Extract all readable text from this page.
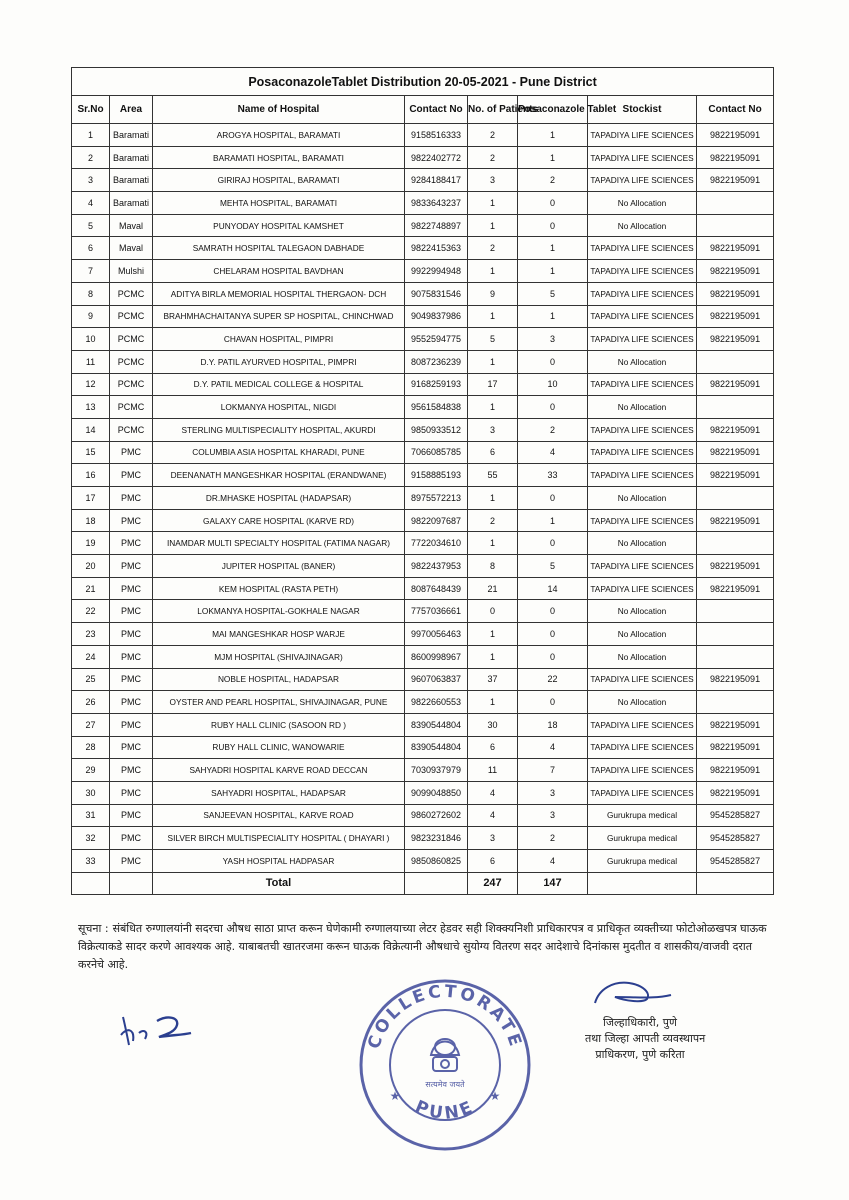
PosaconazoleTablet Distribution 20-05-2021 - Pune District							
Sr.No	Area	Name of Hospital	Contact No	No. of Patients	Posaconazole Tablet	Stockist	Contact No
1	Baramati	AROGYA HOSPITAL, BARAMATI	9158516333	2	1	TAPADIYA LIFE SCIENCES	9822195091
2	Baramati	BARAMATI HOSPITAL, BARAMATI	9822402772	2	1	TAPADIYA LIFE SCIENCES	9822195091
3	Baramati	GIRIRAJ HOSPITAL, BARAMATI	9284188417	3	2	TAPADIYA LIFE SCIENCES	9822195091
4	Baramati	MEHTA HOSPITAL, BARAMATI	9833643237	1	0	No Allocation	
5	Maval	PUNYODAY HOSPITAL KAMSHET	9822748897	1	0	No Allocation	
6	Maval	SAMRATH HOSPITAL TALEGAON DABHADE	9822415363	2	1	TAPADIYA LIFE SCIENCES	9822195091
7	Mulshi	CHELARAM HOSPITAL BAVDHAN	9922994948	1	1	TAPADIYA LIFE SCIENCES	9822195091
8	PCMC	ADITYA BIRLA MEMORIAL HOSPITAL THERGAON- DCH	9075831546	9	5	TAPADIYA LIFE SCIENCES	9822195091
9	PCMC	BRAHMHACHAITANYA SUPER SP HOSPITAL, CHINCHWAD	9049837986	1	1	TAPADIYA LIFE SCIENCES	9822195091
10	PCMC	CHAVAN HOSPITAL, PIMPRI	9552594775	5	3	TAPADIYA LIFE SCIENCES	9822195091
11	PCMC	D.Y. PATIL AYURVED HOSPITAL, PIMPRI	8087236239	1	0	No Allocation	
12	PCMC	D.Y. PATIL MEDICAL COLLEGE & HOSPITAL	9168259193	17	10	TAPADIYA LIFE SCIENCES	9822195091
13	PCMC	LOKMANYA HOSPITAL, NIGDI	9561584838	1	0	No Allocation	
14	PCMC	STERLING MULTISPECIALITY HOSPITAL, AKURDI	9850933512	3	2	TAPADIYA LIFE SCIENCES	9822195091
15	PMC	COLUMBIA ASIA HOSPITAL KHARADI, PUNE	7066085785	6	4	TAPADIYA LIFE SCIENCES	9822195091
16	PMC	DEENANATH MANGESHKAR HOSPITAL (ERANDWANE)	9158885193	55	33	TAPADIYA LIFE SCIENCES	9822195091
17	PMC	DR.MHASKE HOSPITAL (HADAPSAR)	8975572213	1	0	No Allocation	
18	PMC	GALAXY CARE HOSPITAL (KARVE RD)	9822097687	2	1	TAPADIYA LIFE SCIENCES	9822195091
19	PMC	INAMDAR MULTI SPECIALTY HOSPITAL (FATIMA NAGAR)	7722034610	1	0	No Allocation	
20	PMC	JUPITER HOSPITAL (BANER)	9822437953	8	5	TAPADIYA LIFE SCIENCES	9822195091
21	PMC	KEM HOSPITAL (RASTA PETH)	8087648439	21	14	TAPADIYA LIFE SCIENCES	9822195091
22	PMC	LOKMANYA HOSPITAL-GOKHALE NAGAR	7757036661	0	0	No Allocation	
23	PMC	MAI MANGESHKAR HOSP WARJE	9970056463	1	0	No Allocation	
24	PMC	MJM HOSPITAL (SHIVAJINAGAR)	8600998967	1	0	No Allocation	
25	PMC	NOBLE HOSPITAL, HADAPSAR	9607063837	37	22	TAPADIYA LIFE SCIENCES	9822195091
26	PMC	OYSTER AND PEARL HOSPITAL, SHIVAJINAGAR, PUNE	9822660553	1	0	No Allocation	
27	PMC	RUBY HALL CLINIC (SASOON RD )	8390544804	30	18	TAPADIYA LIFE SCIENCES	9822195091
28	PMC	RUBY HALL CLINIC, WANOWARIE	8390544804	6	4	TAPADIYA LIFE SCIENCES	9822195091
29	PMC	SAHYADRI HOSPITAL KARVE ROAD DECCAN	7030937979	11	7	TAPADIYA LIFE SCIENCES	9822195091
30	PMC	SAHYADRI HOSPITAL, HADAPSAR	9099048850	4	3	TAPADIYA LIFE SCIENCES	9822195091
31	PMC	SANJEEVAN HOSPITAL, KARVE ROAD	9860272602	4	3	Gurukrupa medical	9545285827
32	PMC	SILVER BIRCH MULTISPECIALITY HOSPITAL ( DHAYARI )	9823231846	3	2	Gurukrupa medical	9545285827
33	PMC	YASH HOSPITAL HADPASAR	9850860825	6	4	Gurukrupa medical	9545285827
		Total		247	147		
सूचना : संबंधित रुग्णालयांनी सदरचा औषध साठा प्राप्त करून घेणेकामी रुग्णालयाच्या लेटर हेडवर सही शिक्क्यनिशी प्राधिकारपत्र व प्राधिकृत व्यक्तीच्या फोटोओळखपत्र घाऊक विक्रेत्याकडे सादर करणे आवश्यक आहे. याबाबतची खातरजमा करून घाऊक विक्रेत्यानी औषधाचे सुयोग्य वितरण सदर आदेशाचे दिनांकास मुदतीत व शासकीय/वाजवी दरात करनेचे आहे.
COLLECTORATE
PUNE
सत्यमेव जयते
★	★
जिल्हाधिकारी, पुणे
तथा जिल्हा आपती व्यवस्थापन
प्राधिकरण, पुणे करिता
